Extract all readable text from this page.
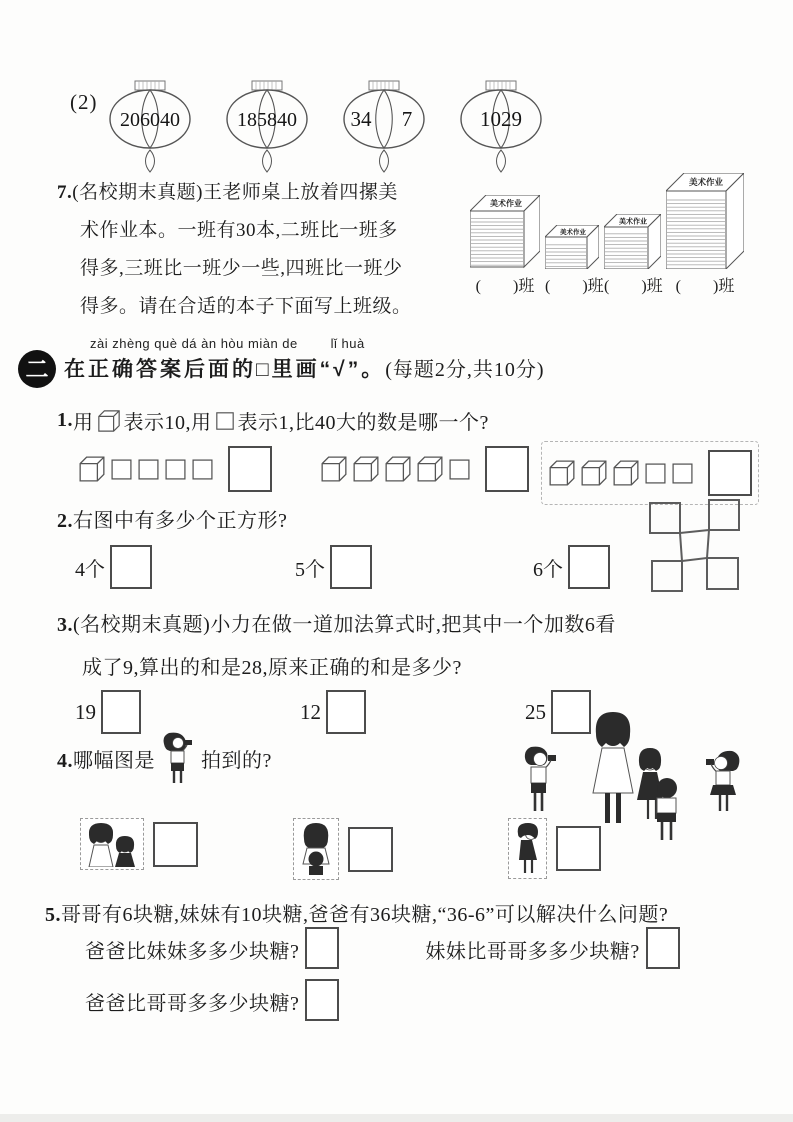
(2)
206040	185840	34 7	1029
7.(名校期末真题)王老师桌上放着四摞美
术作业本。一班有30本,二班比一班多
得多,三班比一班少一些,四班比一班少
得多。请在合适的本子下面写上班级。
美术作业
美术作业
美术作业
美术作业
(　　)班 (　　)班 (　　)班 (　　)班
二
zài zhèng què dá àn hòu miàn de        lǐ huà
在正确答案后面的□里画“√”。(每题2分,共10分)
1. 用 表示10,用 表示1,比40大的数是哪一个?
2.右图中有多少个正方形?
4个	5个	6个
3.(名校期末真题)小力在做一道加法算式时,把其中一个加数6看
成了9,算出的和是28,原来正确的和是多少?
19	12	25
4.哪幅图是 拍到的?
5.哥哥有6块糖,妹妹有10块糖,爸爸有36块糖,“36-6”可以解决什么问题?
爸爸比妹妹多多少块糖?	妹妹比哥哥多多少块糖?
爸爸比哥哥多多少块糖?
